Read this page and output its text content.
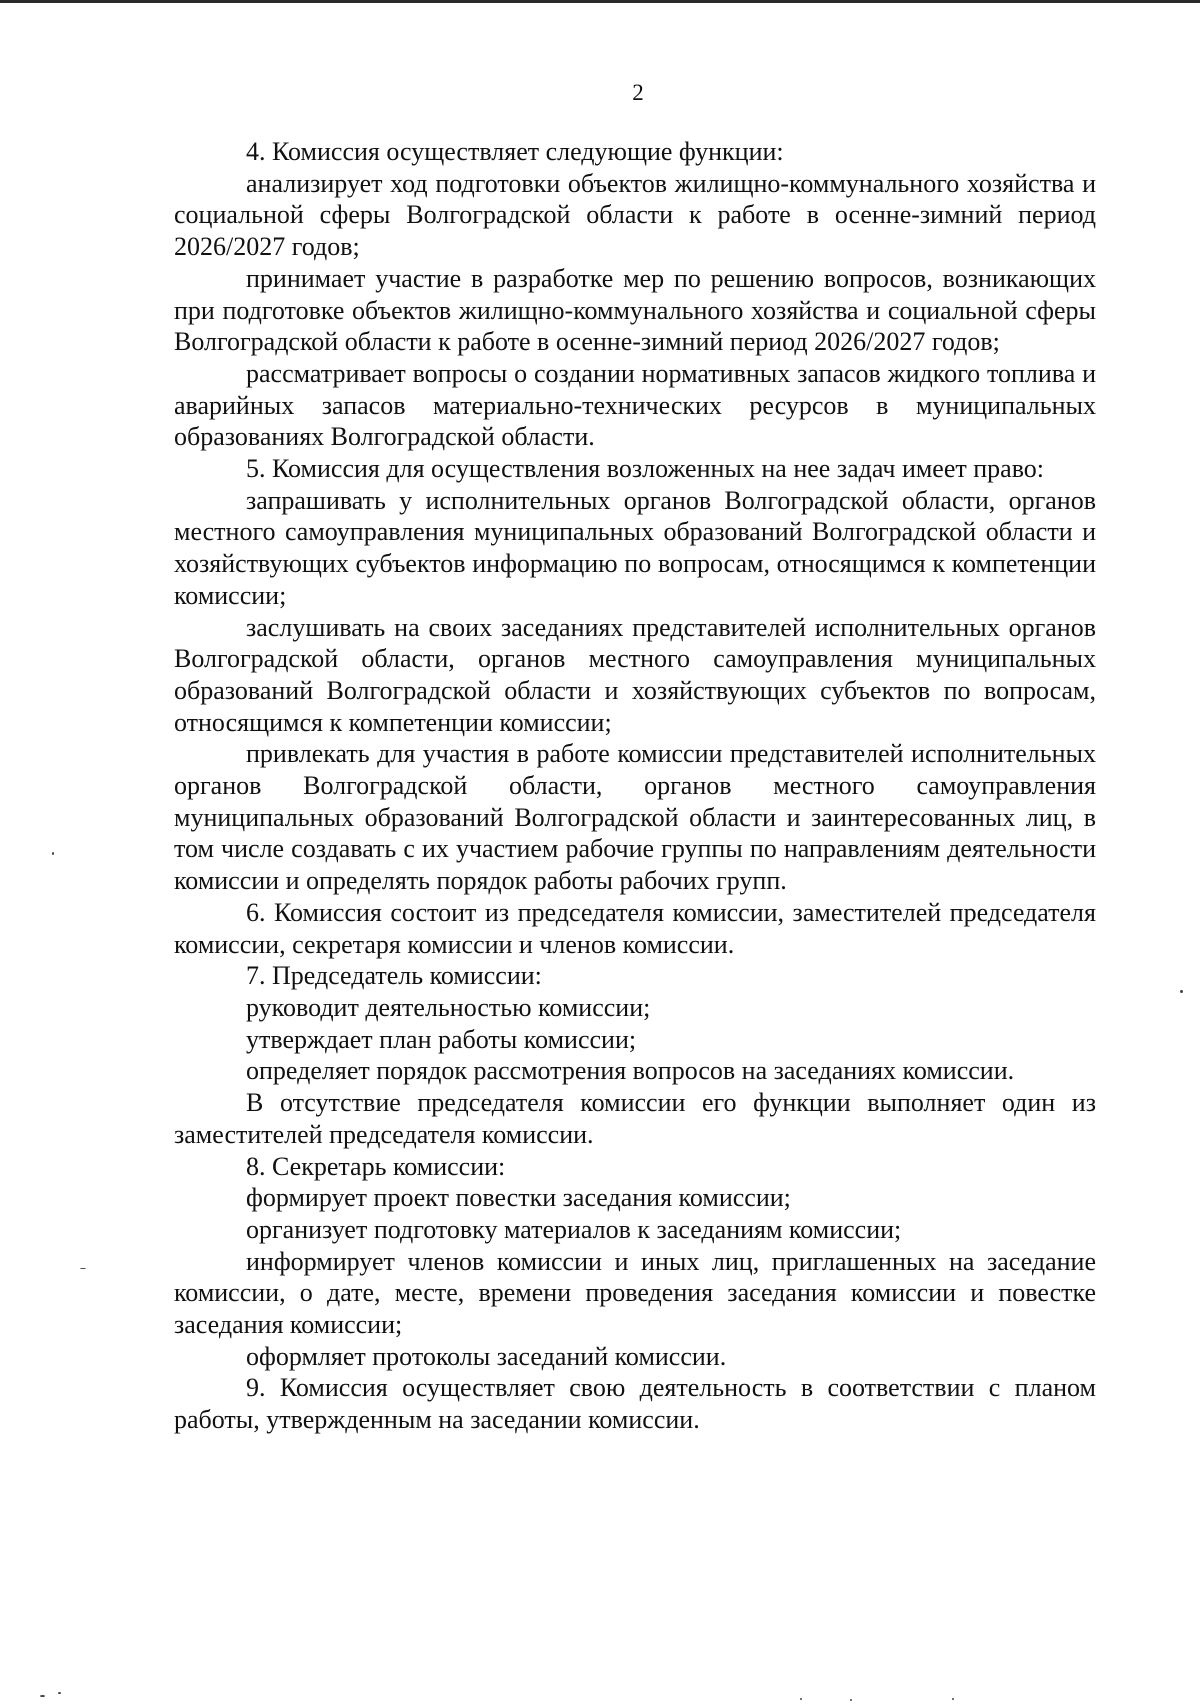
2

4. Комиссия осуществляет следующие функции:

анализирует ход подготовки объектов жилищно-коммунального хозяйства и социальной сферы Волгоградской области к работе в осенне-зимний период 2026/2027 годов;

принимает участие в разработке мер по решению вопросов, возникающих при подготовке объектов жилищно-коммунального хозяйства и социальной сферы Волгоградской области к работе в осенне-зимний период 2026/2027 годов;

рассматривает вопросы о создании нормативных запасов жидкого топлива и аварийных запасов материально-технических ресурсов в муниципальных образованиях Волгоградской области.

5. Комиссия для осуществления возложенных на нее задач имеет право:

запрашивать у исполнительных органов Волгоградской области, органов местного самоуправления муниципальных образований Волгоградской области и хозяйствующих субъектов информацию по вопросам, относящимся к компетенции комиссии;

заслушивать на своих заседаниях представителей исполнительных органов Волгоградской области, органов местного самоуправления муниципальных образований Волгоградской области и хозяйствующих субъектов по вопросам, относящимся к компетенции комиссии;

привлекать для участия в работе комиссии представителей исполнительных органов Волгоградской области, органов местного самоуправления муниципальных образований Волгоградской области и заинтересованных лиц, в том числе создавать с их участием рабочие группы по направлениям деятельности комиссии и определять порядок работы рабочих групп.

6. Комиссия состоит из председателя комиссии, заместителей председателя комиссии, секретаря комиссии и членов комиссии.

7. Председатель комиссии:

руководит деятельностью комиссии;

утверждает план работы комиссии;

определяет порядок рассмотрения вопросов на заседаниях комиссии.

В отсутствие председателя комиссии его функции выполняет один из заместителей председателя комиссии.

8. Секретарь комиссии:

формирует проект повестки заседания комиссии;

организует подготовку материалов к заседаниям комиссии;

информирует членов комиссии и иных лиц, приглашенных на заседание комиссии, о дате, месте, времени проведения заседания комиссии и повестке заседания комиссии;

оформляет протоколы заседаний комиссии.

9. Комиссия осуществляет свою деятельность в соответствии с планом работы, утвержденным на заседании комиссии.
